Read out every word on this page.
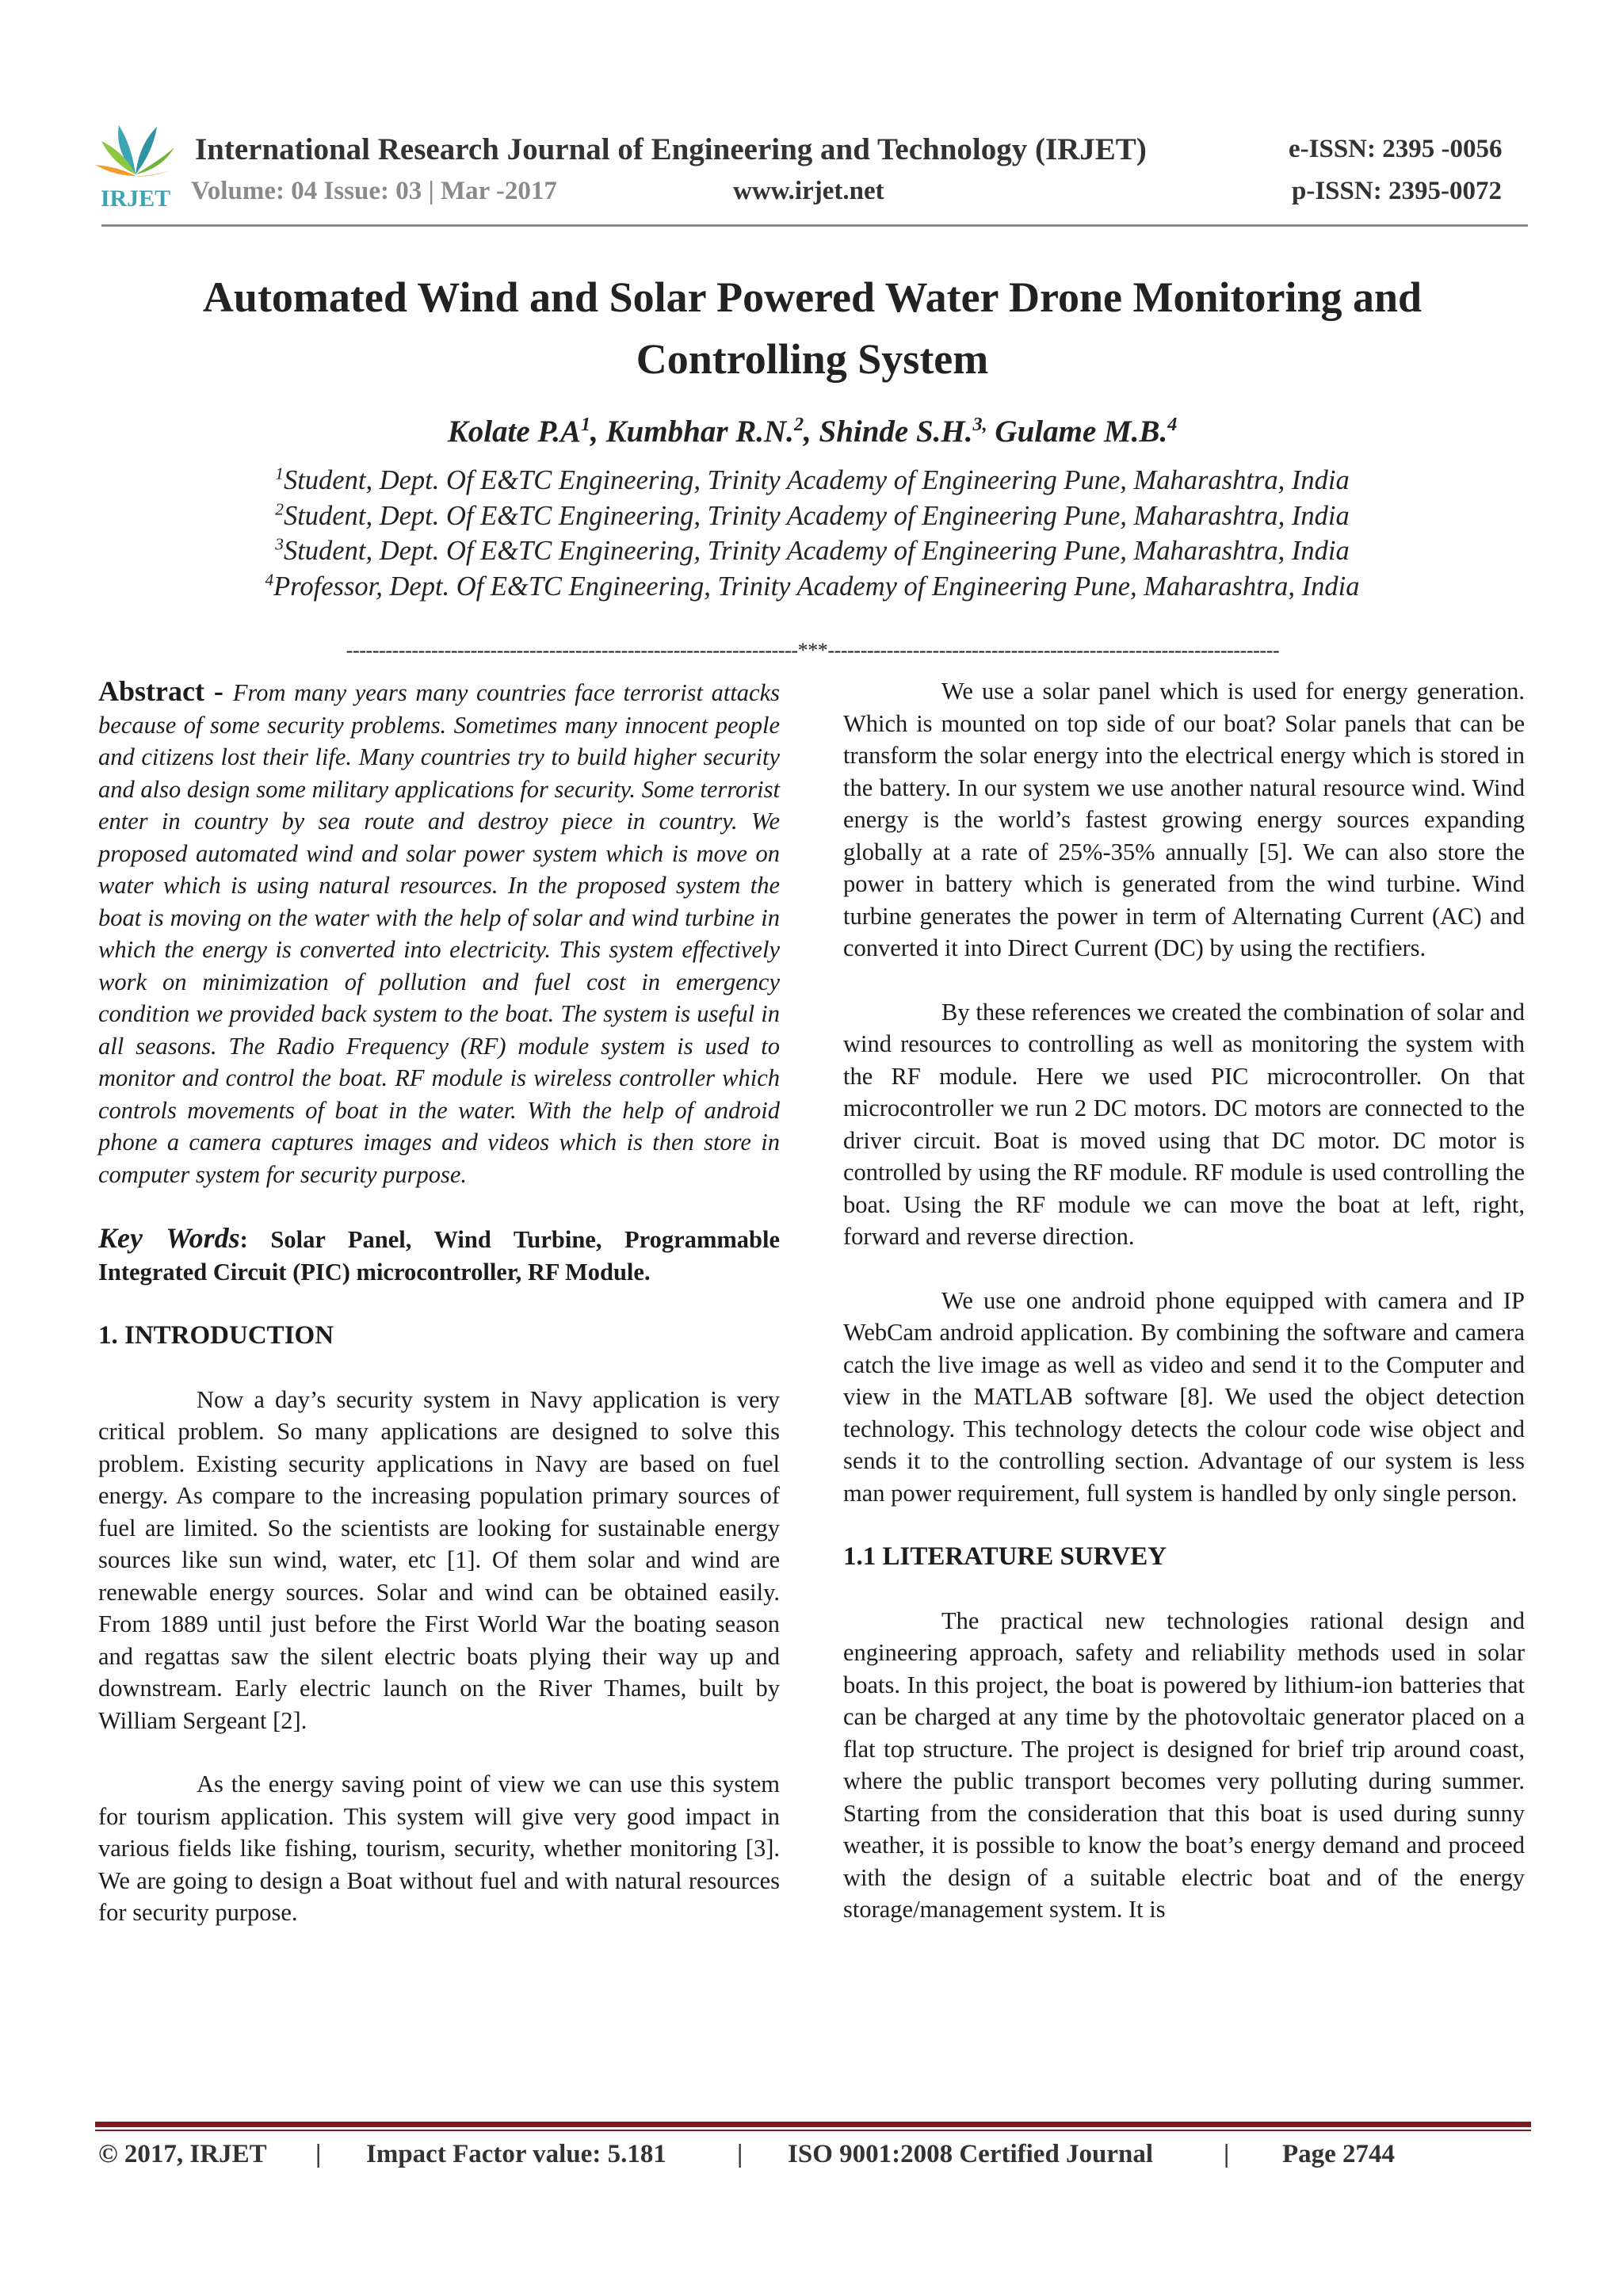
IRJET
International Research Journal of Engineering and Technology (IRJET)	e-ISSN: 2395 -0056
Volume: 04 Issue: 03 | Mar -2017	www.irjet.net	p-ISSN: 2395-0072
Automated Wind and Solar Powered Water Drone Monitoring and
Controlling System
Kolate $P.A^1$, Kumbhar R.N.$^2$, Shinde S.H.$^{3,}$ Gulame M.B.$^4$
$^1$Student, Dept. Of E&TC Engineering, Trinity Academy of Engineering Pune, Maharashtra, India
$^2$Student, Dept. Of E&TC Engineering, Trinity Academy of Engineering Pune, Maharashtra, India
$^3$Student, Dept. Of E&TC Engineering, Trinity Academy of Engineering Pune, Maharashtra, India
$^4$Professor, Dept. Of E&TC Engineering, Trinity Academy of Engineering Pune, Maharashtra, India
---------------------------------------------------------------------***---------------------------------------------------------------------

Abstract - From many years many countries face terrorist attacks because of some security problems. Sometimes many innocent people and citizens lost their life. Many countries try to build higher security and also design some military applications for security. Some terrorist enter in country by sea route and destroy piece in country. We proposed automated wind and solar power system which is move on water which is using natural resources. In the proposed system the boat is moving on the water with the help of solar and wind turbine in which the energy is converted into electricity. This system effectively work on minimization of pollution and fuel cost in emergency condition we provided back system to the boat. The system is useful in all seasons. The Radio Frequency (RF) module system is used to monitor and control the boat. RF module is wireless controller which controls movements of boat in the water. With the help of android phone a camera captures images and videos which is then store in computer system for security purpose.

Key Words: Solar Panel, Wind Turbine, Programmable Integrated Circuit (PIC) microcontroller, RF Module.

1. INTRODUCTION

Now a day’s security system in Navy application is very critical problem. So many applications are designed to solve this problem. Existing security applications in Navy are based on fuel energy. As compare to the increasing population primary sources of fuel are limited. So the scientists are looking for sustainable energy sources like sun wind, water, etc [1]. Of them solar and wind are renewable energy sources. Solar and wind can be obtained easily. From 1889 until just before the First World War the boating season and regattas saw the silent electric boats plying their way up and downstream. Early electric launch on the River Thames, built by William Sergeant [2].

As the energy saving point of view we can use this system for tourism application. This system will give very good impact in various fields like fishing, tourism, security, whether monitoring [3]. We are going to design a Boat without fuel and with natural resources for security purpose.

We use a solar panel which is used for energy generation. Which is mounted on top side of our boat? Solar panels that can be transform the solar energy into the electrical energy which is stored in the battery. In our system we use another natural resource wind. Wind energy is the world’s fastest growing energy sources expanding globally at a rate of 25%-35% annually [5]. We can also store the power in battery which is generated from the wind turbine. Wind turbine generates the power in term of Alternating Current (AC) and converted it into Direct Current (DC) by using the rectifiers.

By these references we created the combination of solar and wind resources to controlling as well as monitoring the system with the RF module. Here we used PIC microcontroller. On that microcontroller we run 2 DC motors. DC motors are connected to the driver circuit. Boat is moved using that DC motor. DC motor is controlled by using the RF module. RF module is used controlling the boat. Using the RF module we can move the boat at left, right, forward and reverse direction.

We use one android phone equipped with camera and IP WebCam android application. By combining the software and camera catch the live image as well as video and send it to the Computer and view in the MATLAB software [8]. We used the object detection technology. This technology detects the colour code wise object and sends it to the controlling section. Advantage of our system is less man power requirement, full system is handled by only single person.

1.1 LITERATURE SURVEY

The practical new technologies rational design and engineering approach, safety and reliability methods used in solar boats. In this project, the boat is powered by lithium-ion batteries that can be charged at any time by the photovoltaic generator placed on a flat top structure. The project is designed for brief trip around coast, where the public transport becomes very polluting during summer. Starting from the consideration that this boat is used during sunny weather, it is possible to know the boat’s energy demand and proceed with the design of a suitable electric boat and of the energy storage/management system. It is

© 2017, IRJET | Impact Factor value: 5.181	| ISO 9001:2008 Certified Journal	| Page 2744
